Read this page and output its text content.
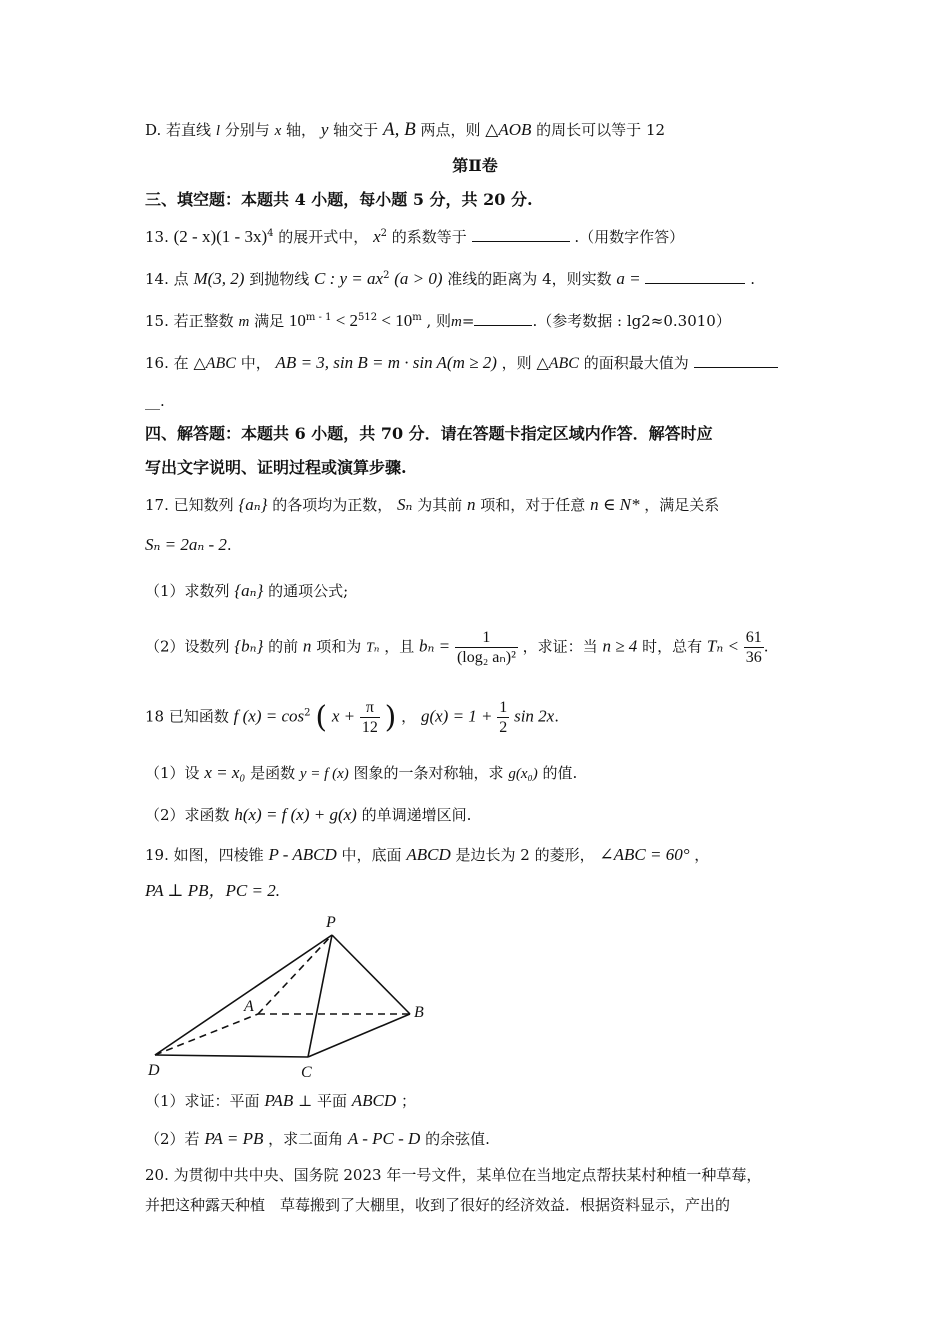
D. 若直线 l 分别与 x 轴， y 轴交于 A, B 两点，则 △AOB 的周长可以等于 12
第Ⅱ卷
三、填空题：本题共 4 小题，每小题 5 分，共 20 分.
13. (2 - x)(1 - 3x)$^4$ 的展开式中， $x^2$ 的系数等于	.（用数字作答）
14. 点 M(3, 2) 到抛物线 C : $y = ax^2$ (a > 0) 准线的距离为 4，则实数 a =	.
15. 若正整数 m 满足 $10^{m - 1} < 2^{512} < 10^m$ , 则m=	.（参考数据 : lg2≈0.3010）
16. 在 △ABC 中， AB = 3, sin B = m · sin A(m ≥ 2) ，则 △ABC 的面积最大值为
__.
四、解答题：本题共 6 小题，共 70 分．请在答题卡指定区域内作答．解答时应
写出文字说明、证明过程或演算步骤.
17. 已知数列 {aₙ} 的各项均为正数， Sₙ 为其前 n 项和，对于任意 n ∈ N* ，满足关系
Sₙ = 2aₙ - 2.
（1）求数列 {aₙ} 的通项公式;
（2）设数列 {bₙ} 的前 n 项和为 Tₙ ，且 $b_n = \frac{1}{\text{(log₂ aₙ)²}}$ ，求证：当 n ≥ 4 时，总有 $T_n < \frac{61}{36}$ .
18 已知函数 f $(x) = \cos^2$ ( $x + \frac{\pi}{12}$ ) ， $g(x) = 1 + \frac{1}{2}$ sin 2x.
（1）设 x = x₀ 是函数 y = f (x) 图象的一条对称轴，求 g(x₀) 的值.
（2）求函数 h(x) = f (x) + g(x) 的单调递增区间.
19. 如图，四棱锥 P - ABCD 中，底面 ABCD 是边长为 2 的菱形， ∠ABC = 60° ，
PA ⊥ PB，PC = 2.
P
A	B
D	C
（1）求证：平面 PAB ⊥ 平面 ABCD ；
（2）若 PA = PB ，求二面角 A - PC - D 的余弦值.
20. 为贯彻中共中央、国务院 2023 年一号文件，某单位在当地定点帮扶某村种植一种草莓，
并把这种露天种植　草莓搬到了大棚里，收到了很好的经济效益．根据资料显示，产出的
